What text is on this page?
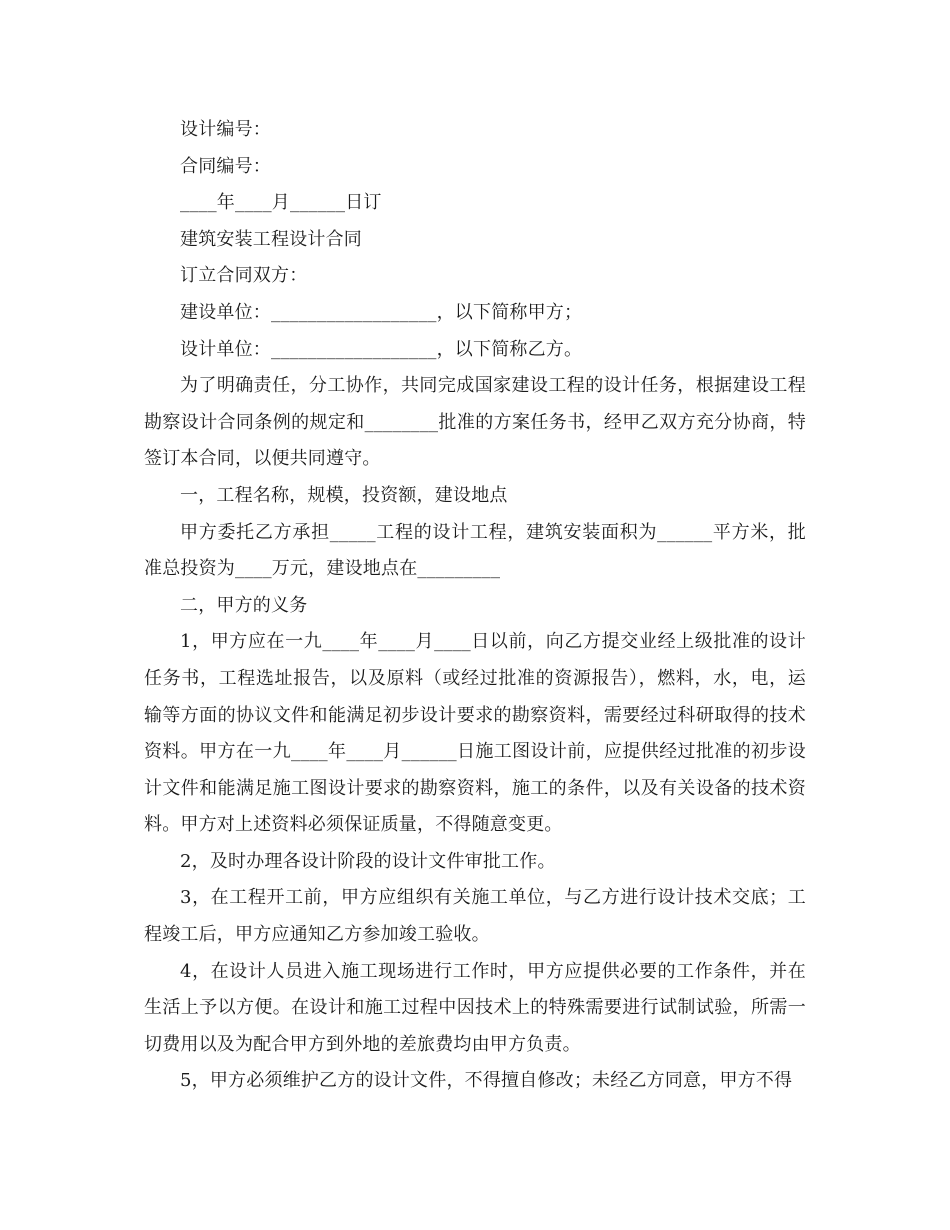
设计编号：

合同编号：

____年____月______日订

建筑安装工程设计合同

订立合同双方：

建设单位：__________________，以下简称甲方；

设计单位：__________________，以下简称乙方。

为了明确责任，分工协作，共同完成国家建设工程的设计任务，根据建设工程勘察设计合同条例的规定和________批准的方案任务书，经甲乙双方充分协商，特签订本合同，以便共同遵守。

一，工程名称，规模，投资额，建设地点

甲方委托乙方承担_____工程的设计工程，建筑安装面积为______平方米，批准总投资为____万元，建设地点在_________

二，甲方的义务

1，甲方应在一九____年____月____日以前，向乙方提交业经上级批准的设计任务书，工程选址报告，以及原料（或经过批准的资源报告），燃料，水，电，运输等方面的协议文件和能满足初步设计要求的勘察资料，需要经过科研取得的技术资料。甲方在一九____年____月______日施工图设计前，应提供经过批准的初步设计文件和能满足施工图设计要求的勘察资料，施工的条件，以及有关设备的技术资料。甲方对上述资料必须保证质量，不得随意变更。

2，及时办理各设计阶段的设计文件审批工作。

3，在工程开工前，甲方应组织有关施工单位，与乙方进行设计技术交底；工程竣工后，甲方应通知乙方参加竣工验收。

4，在设计人员进入施工现场进行工作时，甲方应提供必要的工作条件，并在生活上予以方便。在设计和施工过程中因技术上的特殊需要进行试制试验，所需一切费用以及为配合甲方到外地的差旅费均由甲方负责。

5，甲方必须维护乙方的设计文件，不得擅自修改；未经乙方同意，甲方不得
